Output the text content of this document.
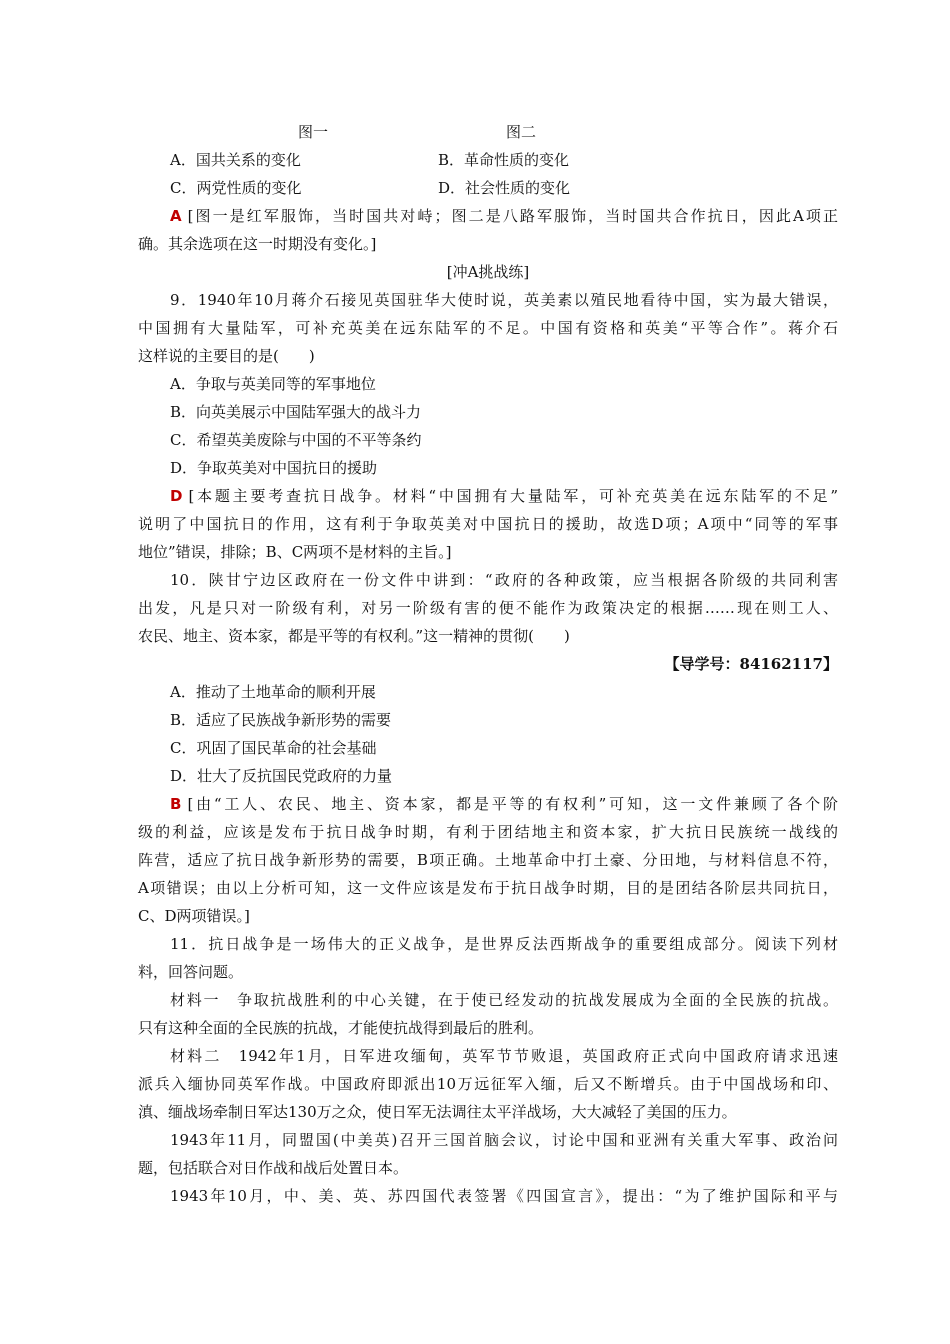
图一	图二
A．国共关系的变化	B．革命性质的变化
C．两党性质的变化	D．社会性质的变化
A [图一是红军服饰，当时国共对峙；图二是八路军服饰，当时国共合作抗日，因此A项正
确。其余选项在这一时期没有变化。]
[冲A挑战练]
9．1940年10月蒋介石接见英国驻华大使时说，英美素以殖民地看待中国，实为最大错误，
中国拥有大量陆军，可补充英美在远东陆军的不足。中国有资格和英美“平等合作”。蒋介石
这样说的主要目的是(　　)
A．争取与英美同等的军事地位
B．向英美展示中国陆军强大的战斗力
C．希望英美废除与中国的不平等条约
D．争取英美对中国抗日的援助
D [本题主要考查抗日战争。材料“中国拥有大量陆军，可补充英美在远东陆军的不足”
说明了中国抗日的作用，这有利于争取英美对中国抗日的援助，故选D项；A项中“同等的军事
地位”错误，排除；B、C两项不是材料的主旨。]
10．陕甘宁边区政府在一份文件中讲到：“政府的各种政策，应当根据各阶级的共同利害
出发，凡是只对一阶级有利，对另一阶级有害的便不能作为政策决定的根据……现在则工人、
农民、地主、资本家，都是平等的有权利。”这一精神的贯彻(　　)
【导学号：84162117】
A．推动了土地革命的顺利开展
B．适应了民族战争新形势的需要
C．巩固了国民革命的社会基础
D．壮大了反抗国民党政府的力量
B [由“工人、农民、地主、资本家，都是平等的有权利”可知，这一文件兼顾了各个阶
级的利益，应该是发布于抗日战争时期，有利于团结地主和资本家，扩大抗日民族统一战线的
阵营，适应了抗日战争新形势的需要，B项正确。土地革命中打土豪、分田地，与材料信息不符，
A项错误；由以上分析可知，这一文件应该是发布于抗日战争时期，目的是团结各阶层共同抗日，
C、D两项错误。]
11．抗日战争是一场伟大的正义战争，是世界反法西斯战争的重要组成部分。阅读下列材
料，回答问题。
材料一　争取抗战胜利的中心关键，在于使已经发动的抗战发展成为全面的全民族的抗战。
只有这种全面的全民族的抗战，才能使抗战得到最后的胜利。
材料二　1942年1月，日军进攻缅甸，英军节节败退，英国政府正式向中国政府请求迅速
派兵入缅协同英军作战。中国政府即派出10万远征军入缅，后又不断增兵。由于中国战场和印、
滇、缅战场牵制日军达130万之众，使日军无法调往太平洋战场，大大减轻了美国的压力。
1943年11月，同盟国(中美英)召开三国首脑会议，讨论中国和亚洲有关重大军事、政治问
题，包括联合对日作战和战后处置日本。
1943年10月，中、美、英、苏四国代表签署《四国宣言》，提出：“为了维护国际和平与
